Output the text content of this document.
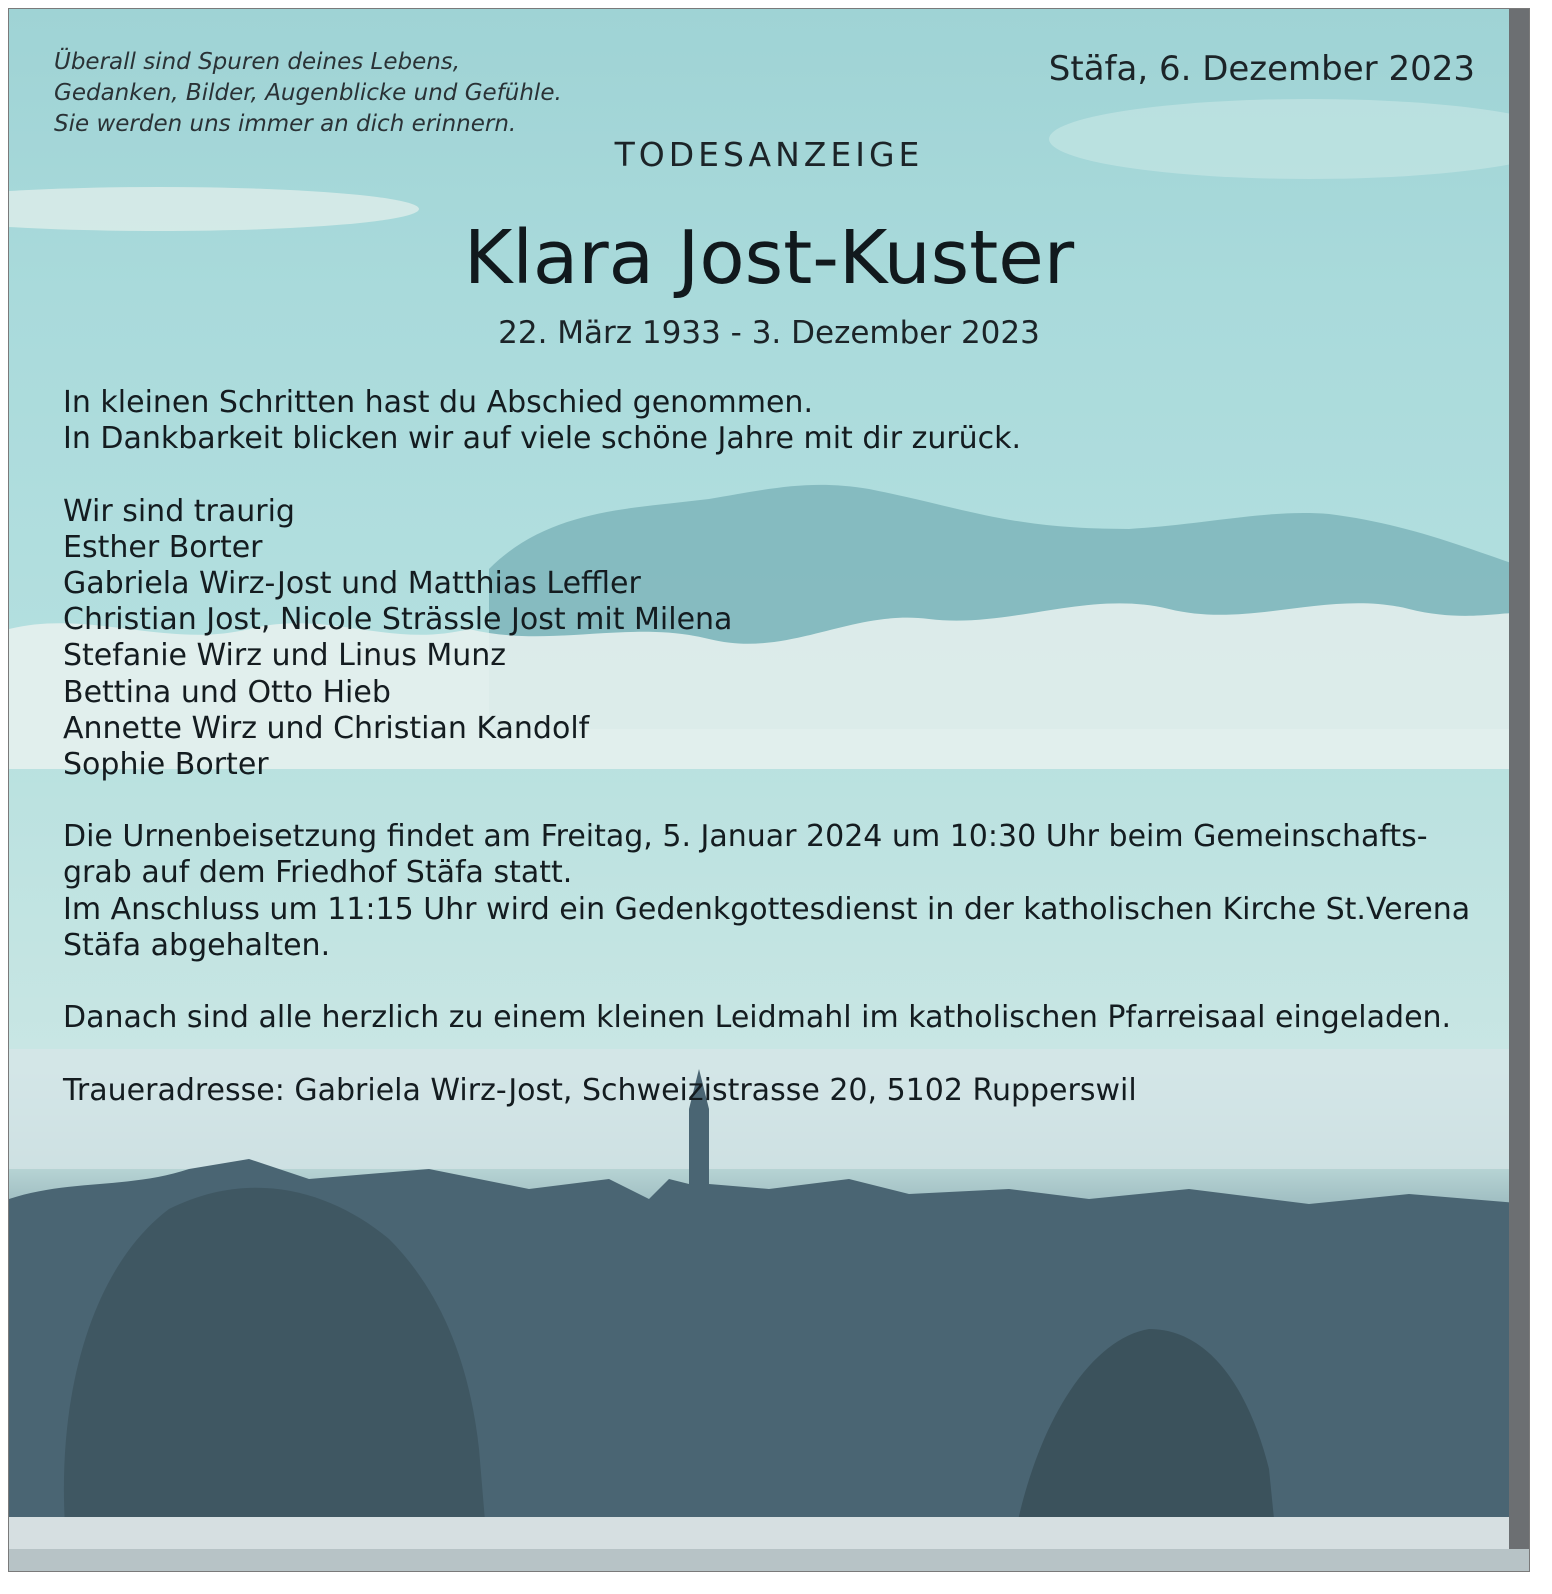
Überall sind Spuren deines Lebens,
Gedanken, Bilder, Augenblicke und Gefühle.
Sie werden uns immer an dich erinnern.
Stäfa, 6. Dezember 2023
TODESANZEIGE
Klara Jost-Kuster
22. März 1933 - 3. Dezember 2023
In kleinen Schritten hast du Abschied genommen.
In Dankbarkeit blicken wir auf viele schöne Jahre mit dir zurück.
Wir sind traurig
Esther Borter
Gabriela Wirz-Jost und Matthias Leffler
Christian Jost, Nicole Strässle Jost mit Milena
Stefanie Wirz und Linus Munz
Bettina und Otto Hieb
Annette Wirz und Christian Kandolf
Sophie Borter
Die Urnenbeisetzung findet am Freitag, 5. Januar 2024 um 10:30 Uhr beim Gemeinschafts-
grab auf dem Friedhof Stäfa statt.
Im Anschluss um 11:15 Uhr wird ein Gedenkgottesdienst in der katholischen Kirche St.Verena
Stäfa abgehalten.
Danach sind alle herzlich zu einem kleinen Leidmahl im katholischen Pfarreisaal eingeladen.
Traueradresse: Gabriela Wirz-Jost, Schweizistrasse 20, 5102 Rupperswil
